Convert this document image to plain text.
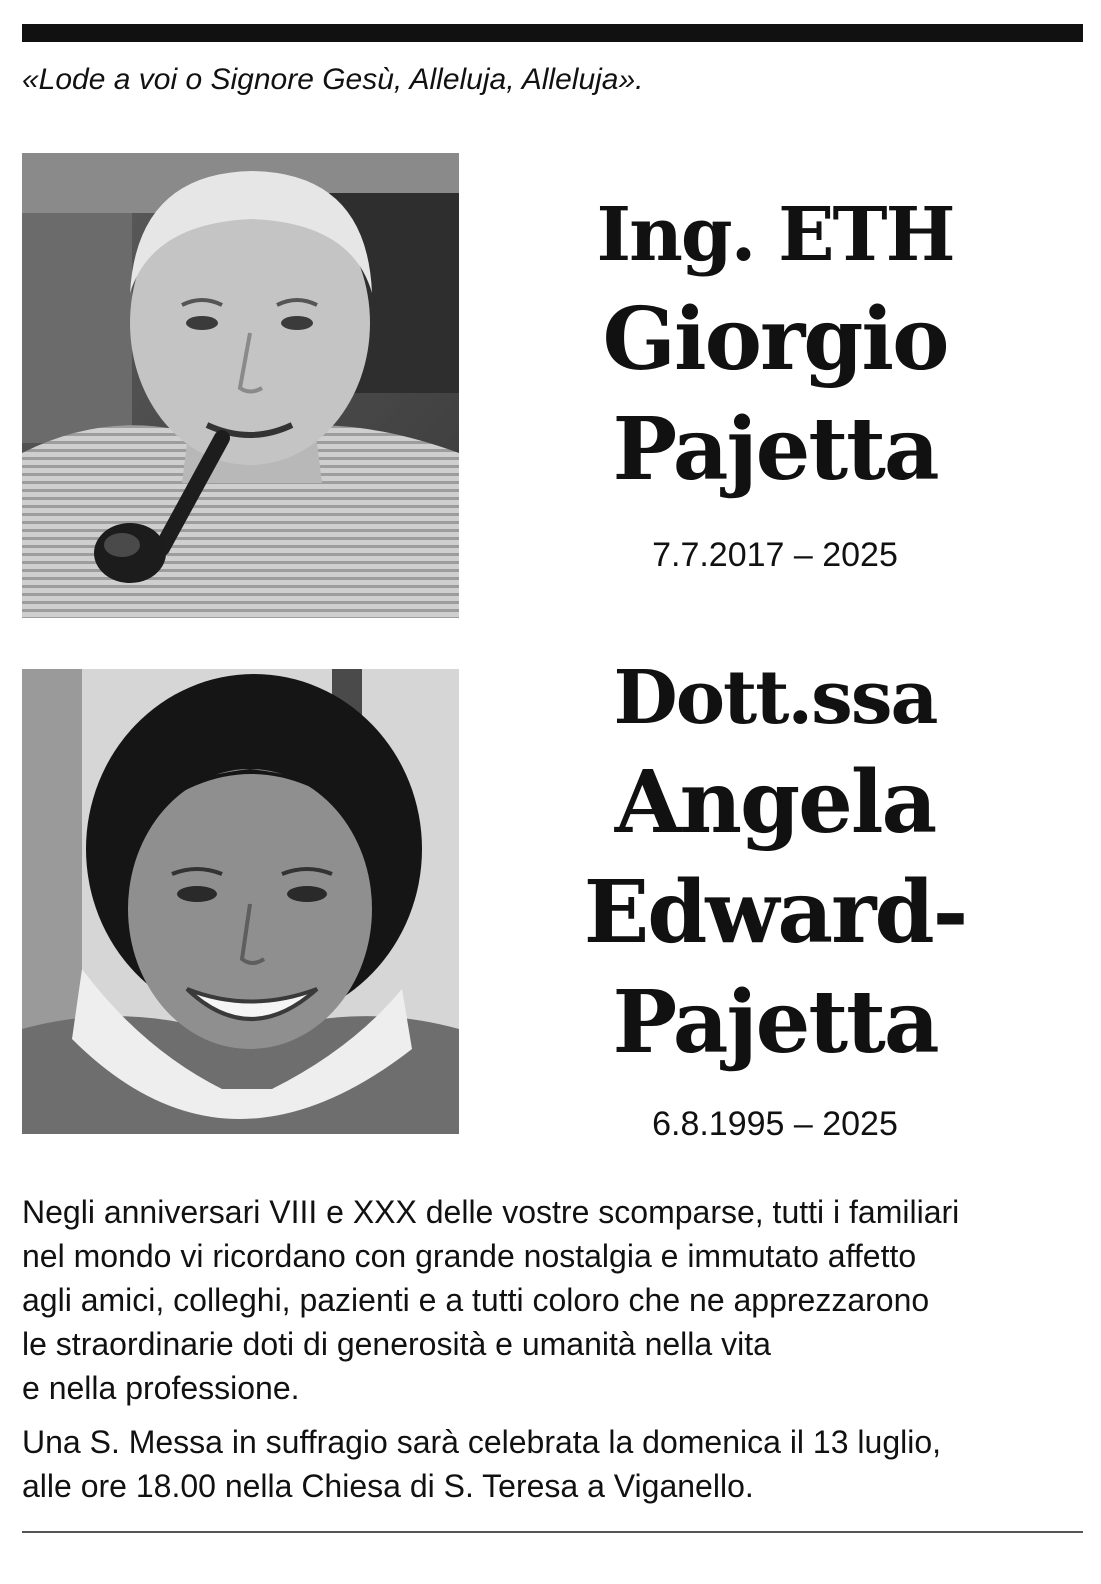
«Lode a voi o Signore Gesù, Alleluja, Alleluja».
Ing. ETH
Giorgio
Pajetta
7.7.2017 – 2025
Dott.ssa
Angela
Edward-
Pajetta
6.8.1995 – 2025

Negli anniversari VIII e XXX delle vostre scomparse, tutti i familiari
nel mondo vi ricordano con grande nostalgia e immutato affetto
agli amici, colleghi, pazienti e a tutti coloro che ne apprezzarono
le straordinarie doti di generosità e umanità nella vita
e nella professione.

Una S. Messa in suffragio sarà celebrata la domenica il 13 luglio,
alle ore 18.00 nella Chiesa di S. Teresa a Viganello.
